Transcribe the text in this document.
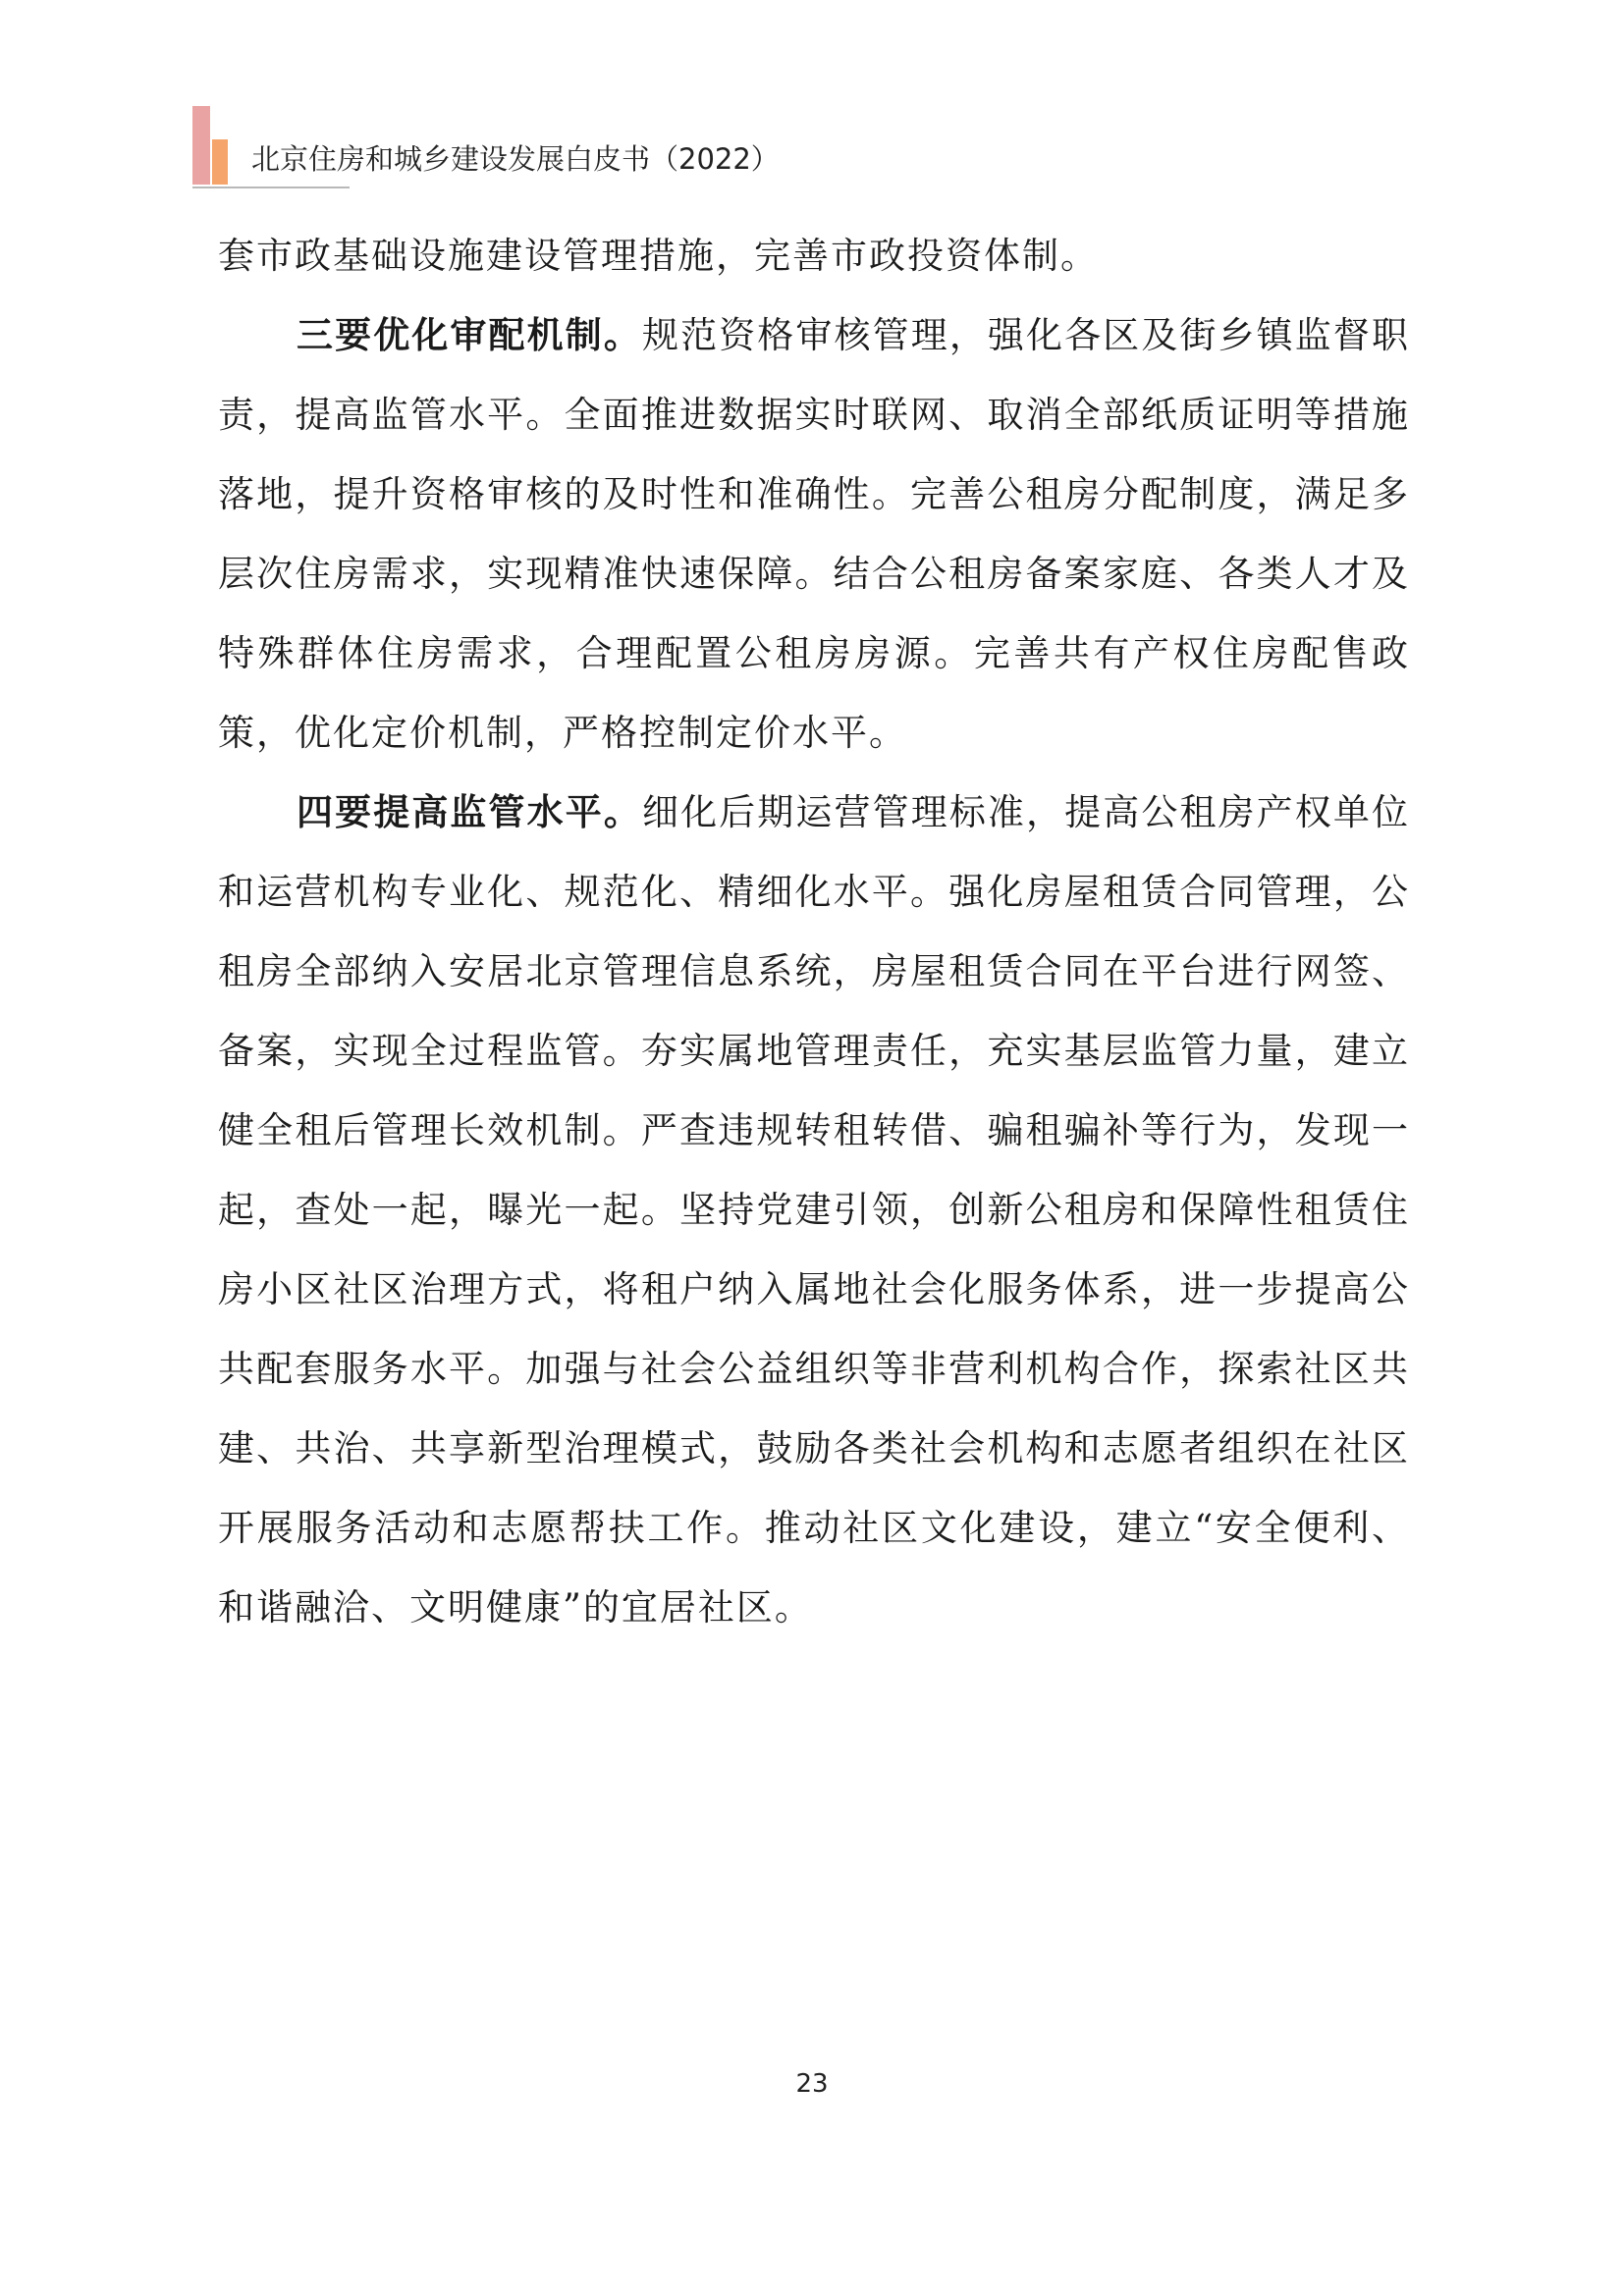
北京住房和城乡建设发展白皮书（2022）

套市政基础设施建设管理措施，完善市政投资体制。

三要优化审配机制。规范资格审核管理，强化各区及街乡镇监督职责，提高监管水平。全面推进数据实时联网、取消全部纸质证明等措施落地，提升资格审核的及时性和准确性。完善公租房分配制度，满足多层次住房需求，实现精准快速保障。结合公租房备案家庭、各类人才及特殊群体住房需求，合理配置公租房房源。完善共有产权住房配售政策，优化定价机制，严格控制定价水平。

四要提高监管水平。细化后期运营管理标准，提高公租房产权单位和运营机构专业化、规范化、精细化水平。强化房屋租赁合同管理，公租房全部纳入安居北京管理信息系统，房屋租赁合同在平台进行网签、备案，实现全过程监管。夯实属地管理责任，充实基层监管力量，建立健全租后管理长效机制。严查违规转租转借、骗租骗补等行为，发现一起，查处一起，曝光一起。坚持党建引领，创新公租房和保障性租赁住房小区社区治理方式，将租户纳入属地社会化服务体系，进一步提高公共配套服务水平。加强与社会公益组织等非营利机构合作，探索社区共建、共治、共享新型治理模式，鼓励各类社会机构和志愿者组织在社区开展服务活动和志愿帮扶工作。推动社区文化建设，建立“安全便利、和谐融洽、文明健康”的宜居社区。

23
